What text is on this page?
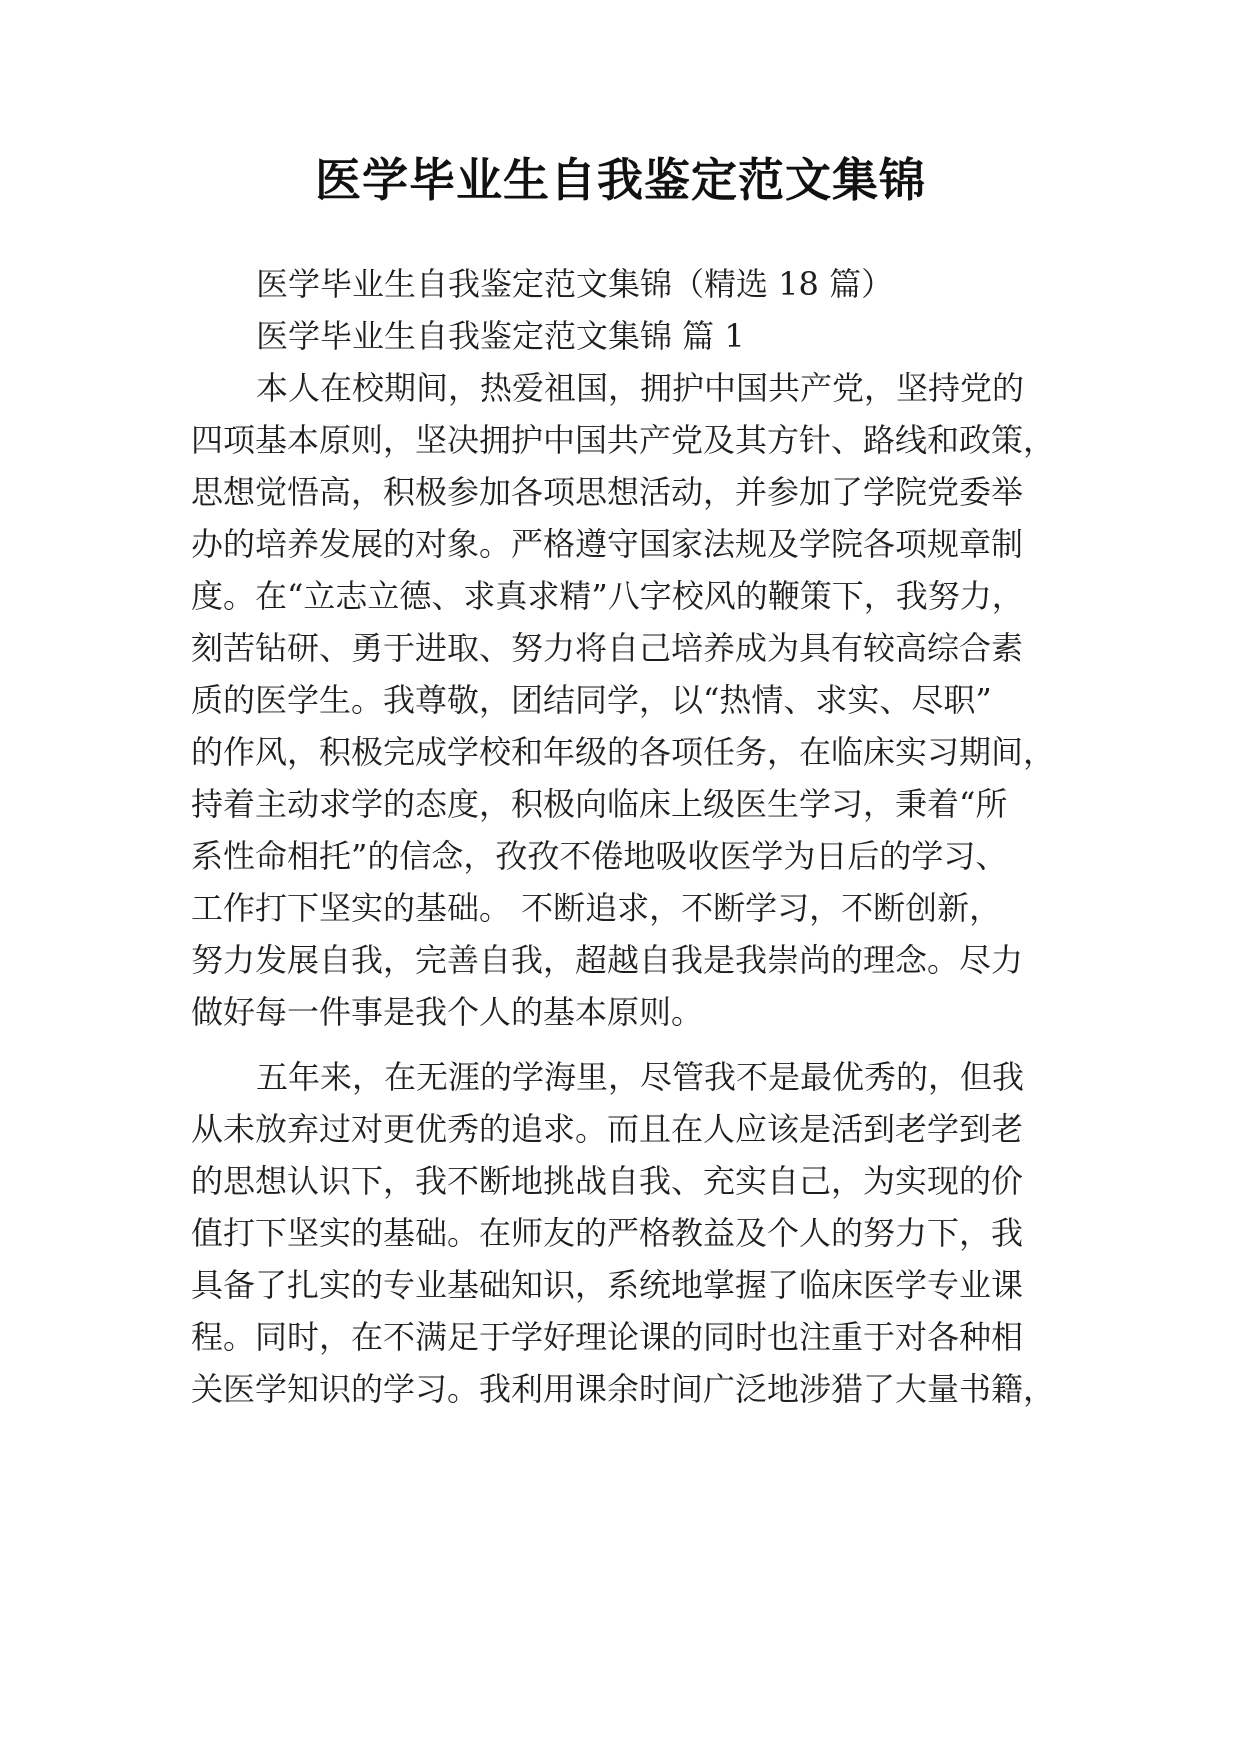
医学毕业生自我鉴定范文集锦
医学毕业生自我鉴定范文集锦（精选 18 篇）
医学毕业生自我鉴定范文集锦 篇 1
本人在校期间，热爱祖国，拥护中国共产党，坚持党的
四项基本原则，坚决拥护中国共产党及其方针、路线和政策，
思想觉悟高，积极参加各项思想活动，并参加了学院党委举
办的培养发展的对象。严格遵守国家法规及学院各项规章制
度。在“立志立德、求真求精”八字校风的鞭策下，我努力，
刻苦钻研、勇于进取、努力将自己培养成为具有较高综合素
质的医学生。我尊敬，团结同学，以“热情、求实、尽职”
的作风，积极完成学校和年级的各项任务，在临床实习期间，
持着主动求学的态度，积极向临床上级医生学习，秉着“所
系性命相托”的信念，孜孜不倦地吸收医学为日后的学习、
工作打下坚实的基础。 不断追求，不断学习，不断创新，
努力发展自我，完善自我，超越自我是我崇尚的理念。尽力
做好每一件事是我个人的基本原则。
五年来，在无涯的学海里，尽管我不是最优秀的，但我
从未放弃过对更优秀的追求。而且在人应该是活到老学到老
的思想认识下，我不断地挑战自我、充实自己，为实现的价
值打下坚实的基础。在师友的严格教益及个人的努力下，我
具备了扎实的专业基础知识，系统地掌握了临床医学专业课
程。同时，在不满足于学好理论课的同时也注重于对各种相
关医学知识的学习。我利用课余时间广泛地涉猎了大量书籍，
